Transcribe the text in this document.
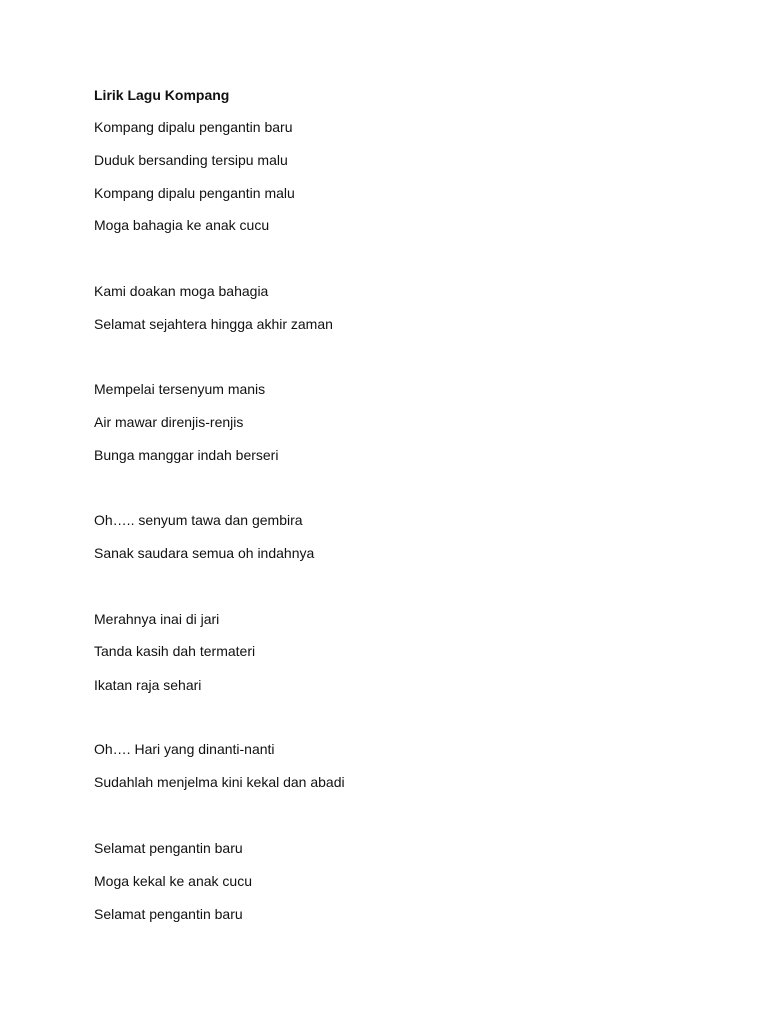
Lirik Lagu Kompang
Kompang dipalu pengantin baru
Duduk bersanding tersipu malu
Kompang dipalu pengantin malu
Moga bahagia ke anak cucu
Kami doakan moga bahagia
Selamat sejahtera hingga akhir zaman
Mempelai tersenyum manis
Air mawar direnjis-renjis
Bunga manggar indah berseri
Oh….. senyum tawa dan gembira
Sanak saudara semua oh indahnya
Merahnya inai di jari
Tanda kasih dah termateri
Ikatan raja sehari
Oh…. Hari yang dinanti-nanti
Sudahlah menjelma kini kekal dan abadi
Selamat pengantin baru
Moga kekal ke anak cucu
Selamat pengantin baru
